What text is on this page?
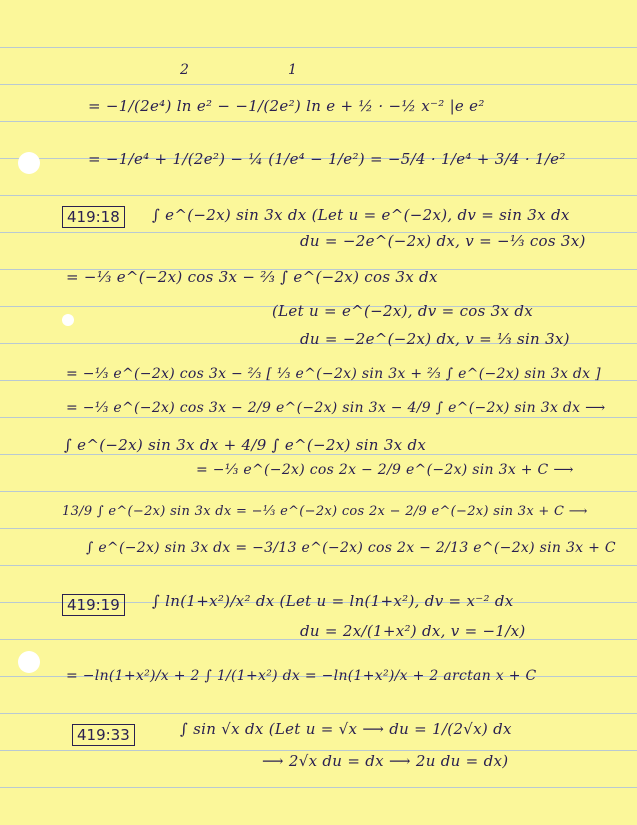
2	1
= −1/(2e⁴) ln e² − −1/(2e²) ln e + ½ · −½ x⁻² |e e²
= −1/e⁴ + 1/(2e²) − ¼ (1/e⁴ − 1/e²) = −5/4 · 1/e⁴ + 3/4 · 1/e²
419:18	∫ e^(−2x) sin 3x dx (Let u = e^(−2x), dv = sin 3x dx
du = −2e^(−2x) dx, v = −⅓ cos 3x)
= −⅓ e^(−2x) cos 3x − ⅔ ∫ e^(−2x) cos 3x dx
(Let u = e^(−2x), dv = cos 3x dx
du = −2e^(−2x) dx, v = ⅓ sin 3x)
= −⅓ e^(−2x) cos 3x − ⅔ [ ⅓ e^(−2x) sin 3x + ⅔ ∫ e^(−2x) sin 3x dx ]
= −⅓ e^(−2x) cos 3x − 2/9 e^(−2x) sin 3x − 4/9 ∫ e^(−2x) sin 3x dx ⟶
∫ e^(−2x) sin 3x dx + 4/9 ∫ e^(−2x) sin 3x dx
= −⅓ e^(−2x) cos 2x − 2/9 e^(−2x) sin 3x + C ⟶
13/9 ∫ e^(−2x) sin 3x dx = −⅓ e^(−2x) cos 2x − 2/9 e^(−2x) sin 3x + C ⟶
∫ e^(−2x) sin 3x dx = −3/13 e^(−2x) cos 2x − 2/13 e^(−2x) sin 3x + C
419:19	∫ ln(1+x²)/x² dx (Let u = ln(1+x²), dv = x⁻² dx
du = 2x/(1+x²) dx, v = −1/x)
= −ln(1+x²)/x + 2 ∫ 1/(1+x²) dx = −ln(1+x²)/x + 2 arctan x + C
419:33	∫ sin √x dx (Let u = √x ⟶ du = 1/(2√x) dx
⟶ 2√x du = dx ⟶ 2u du = dx)
